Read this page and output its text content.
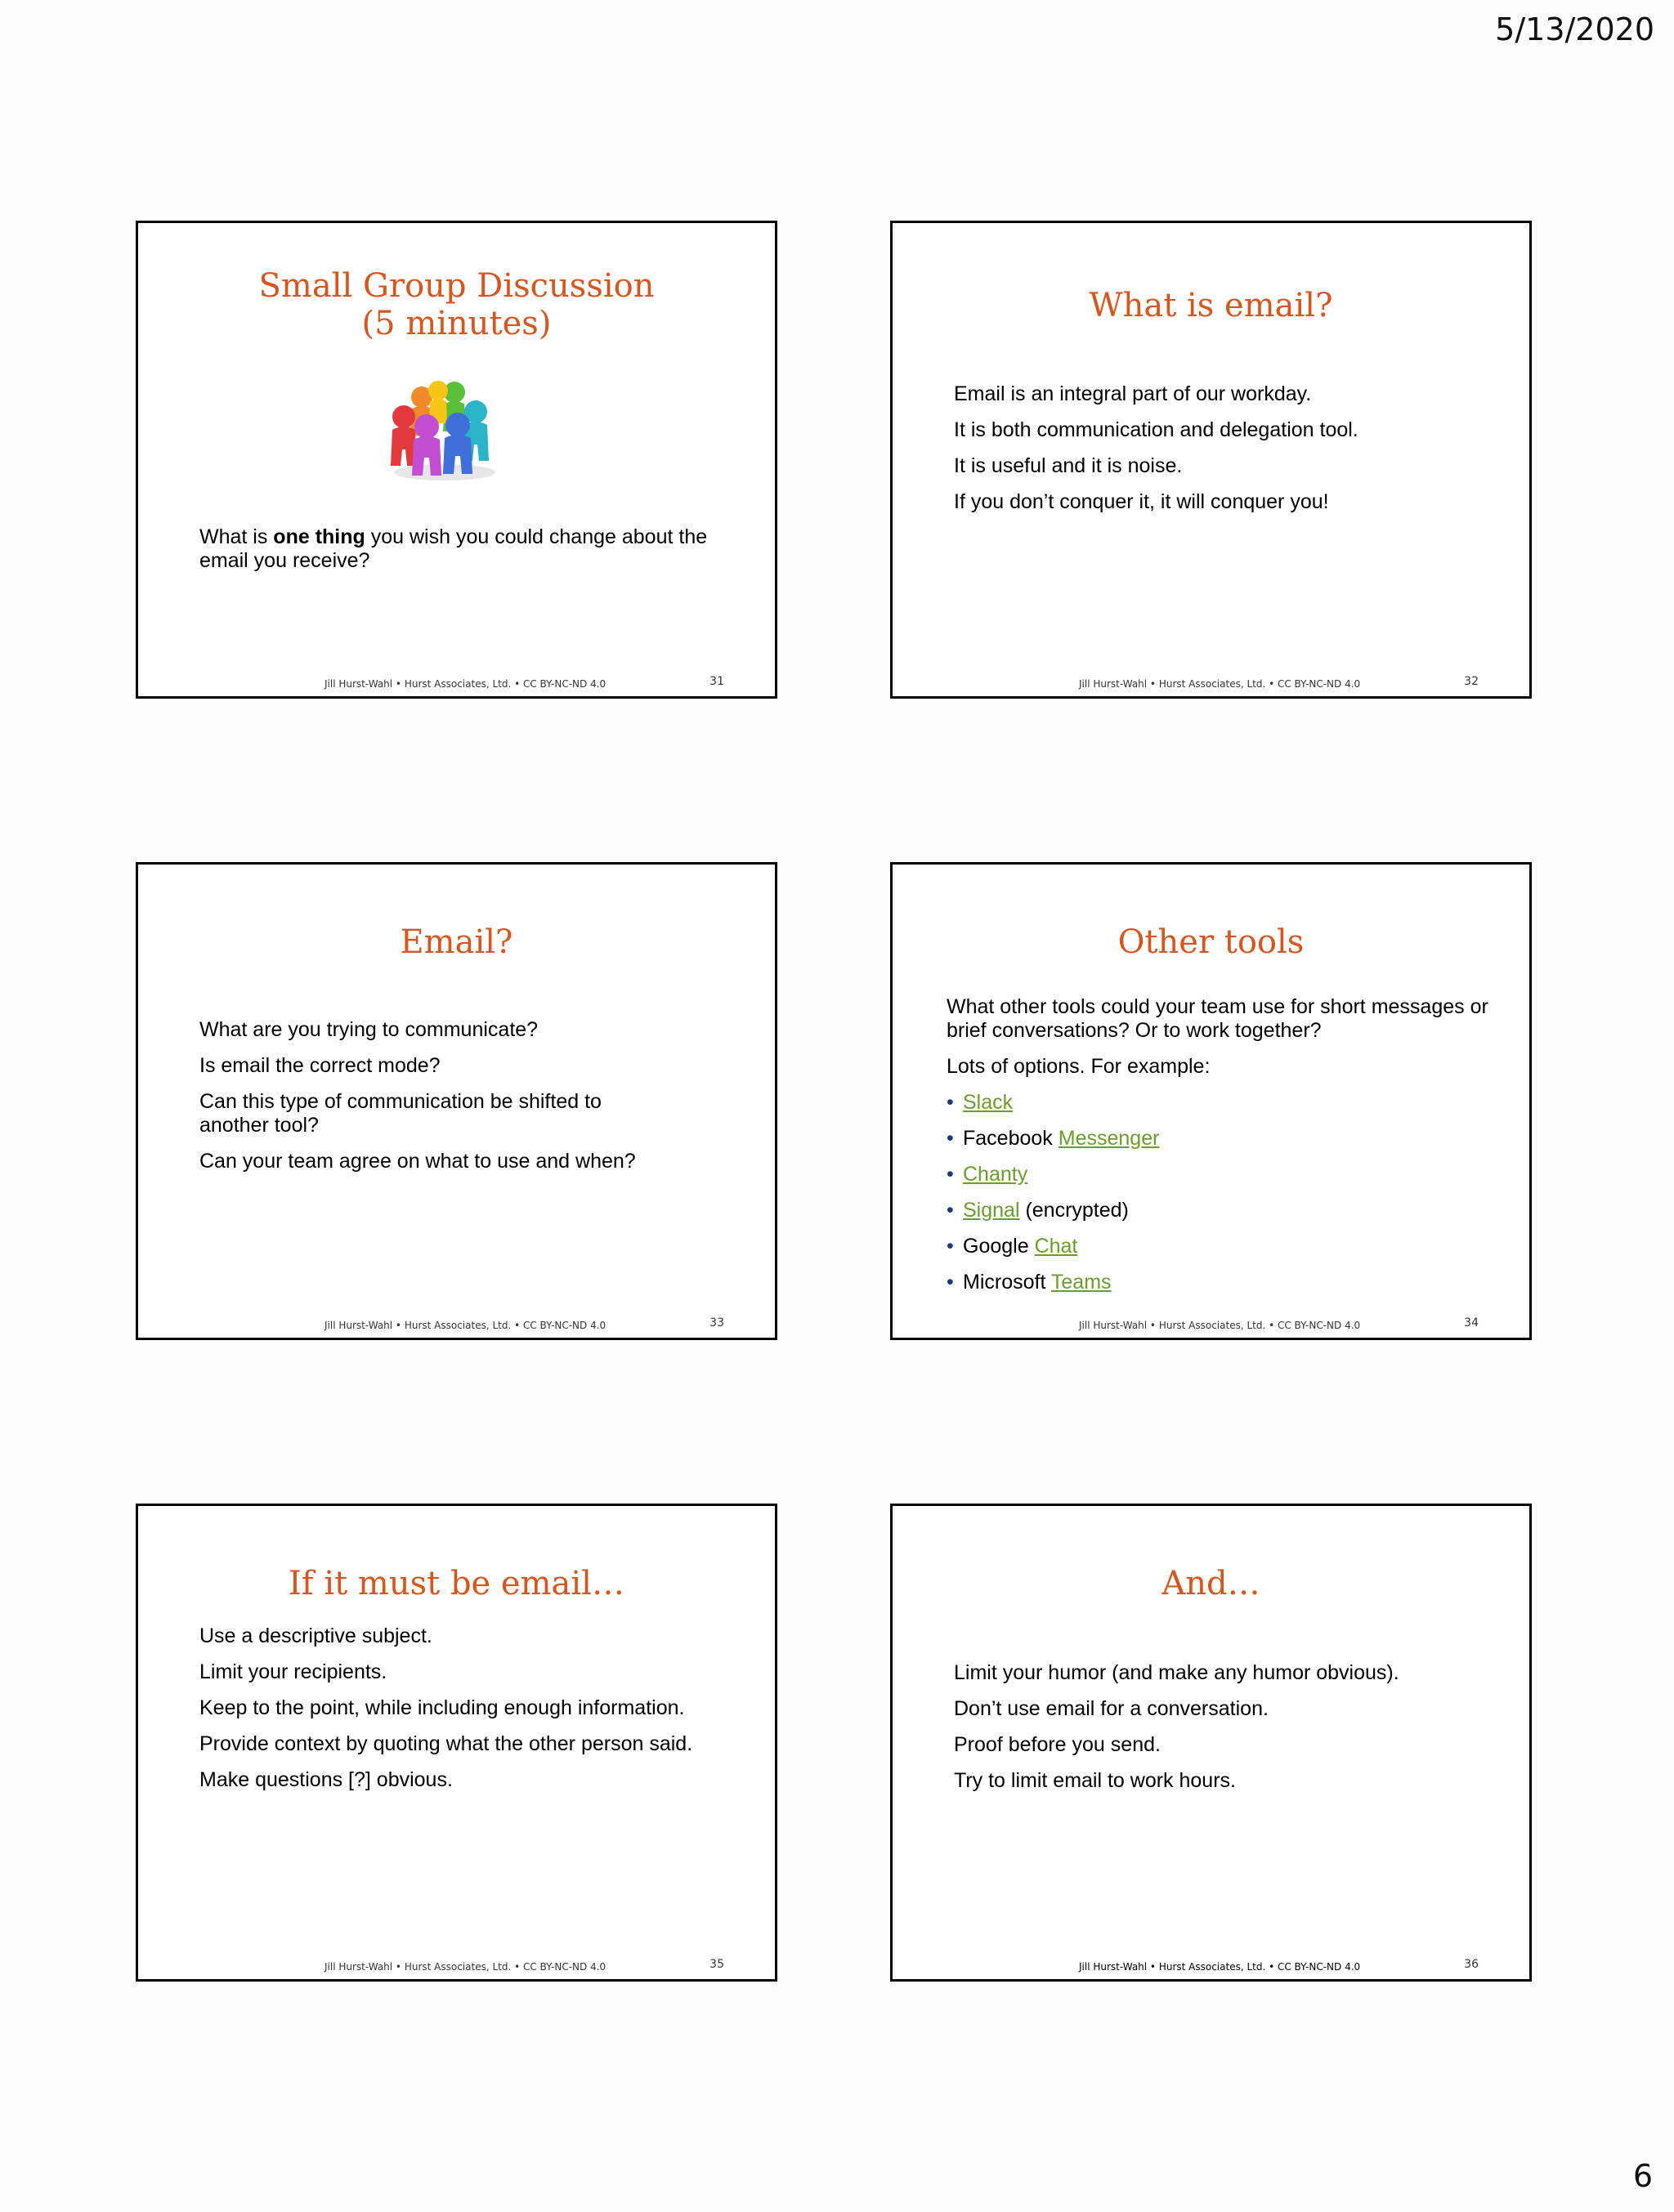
5/13/2020
Small Group Discussion
(5 minutes)

What is one thing you wish you could change about the email you receive?

Jill Hurst-Wahl • Hurst Associates, Ltd. • CC BY-NC-ND 4.0	31
What is email?

Email is an integral part of our workday.

It is both communication and delegation tool.

It is useful and it is noise.

If you don’t conquer it, it will conquer you!

Jill Hurst-Wahl • Hurst Associates, Ltd. • CC BY-NC-ND 4.0	32
Email?

What are you trying to communicate?

Is email the correct mode?

Can this type of communication be shifted to another tool?

Can your team agree on what to use and when?

Jill Hurst-Wahl • Hurst Associates, Ltd. • CC BY-NC-ND 4.0	33
Other tools

What other tools could your team use for short messages or brief conversations? Or to work together?

Lots of options. For example:

• Slack
• Facebook Messenger
• Chanty
• Signal (encrypted)
• Google Chat
• Microsoft Teams
Jill Hurst-Wahl • Hurst Associates, Ltd. • CC BY-NC-ND 4.0	34
If it must be email…

Use a descriptive subject.

Limit your recipients.

Keep to the point, while including enough information.

Provide context by quoting what the other person said.

Make questions [?] obvious.

Jill Hurst-Wahl • Hurst Associates, Ltd. • CC BY-NC-ND 4.0	35
And…

Limit your humor (and make any humor obvious).

Don’t use email for a conversation.

Proof before you send.

Try to limit email to work hours.

Jill Hurst-Wahl • Hurst Associates, Ltd. • CC BY-NC-ND 4.0	36
6
